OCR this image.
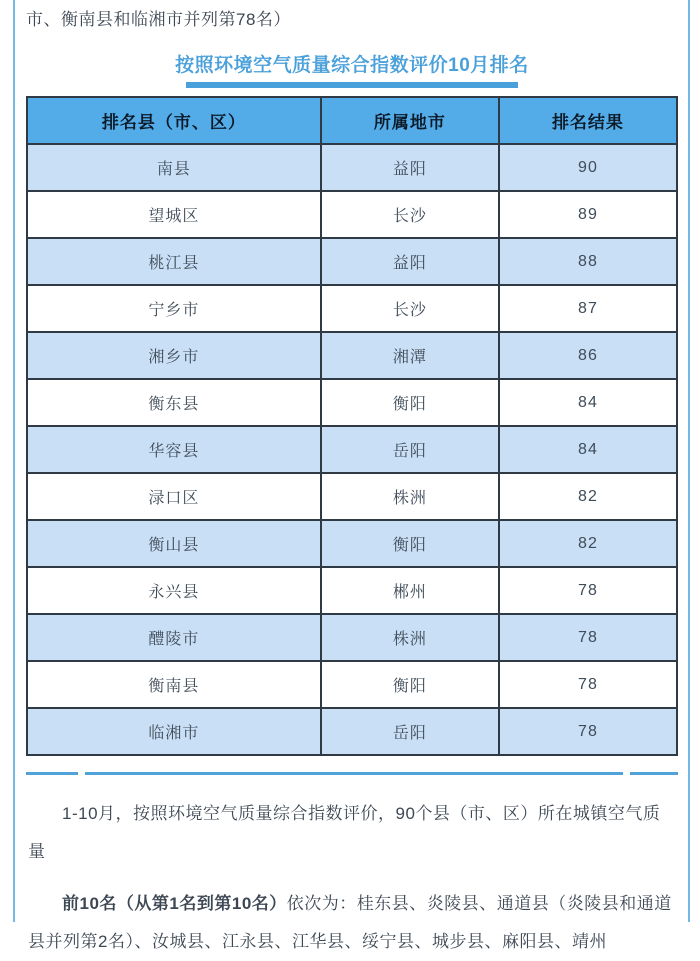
市、衡南县和临湘市并列第78名）
按照环境空气质量综合指数评价10月排名
排名县（市、区）	所属地市	排名结果
南县	益阳	90
望城区	长沙	89
桃江县	益阳	88
宁乡市	长沙	87
湘乡市	湘潭	86
衡东县	衡阳	84
华容县	岳阳	84
渌口区	株洲	82
衡山县	衡阳	82
永兴县	郴州	78
醴陵市	株洲	78
衡南县	衡阳	78
临湘市	岳阳	78

1-10月，按照环境空气质量综合指数评价，90个县（市、区）所在城镇空气质量

前10名（从第1名到第10名）依次为：桂东县、炎陵县、通道县（炎陵县和通道县并列第2名）、汝城县、江永县、江华县、绥宁县、城步县、麻阳县、靖州
